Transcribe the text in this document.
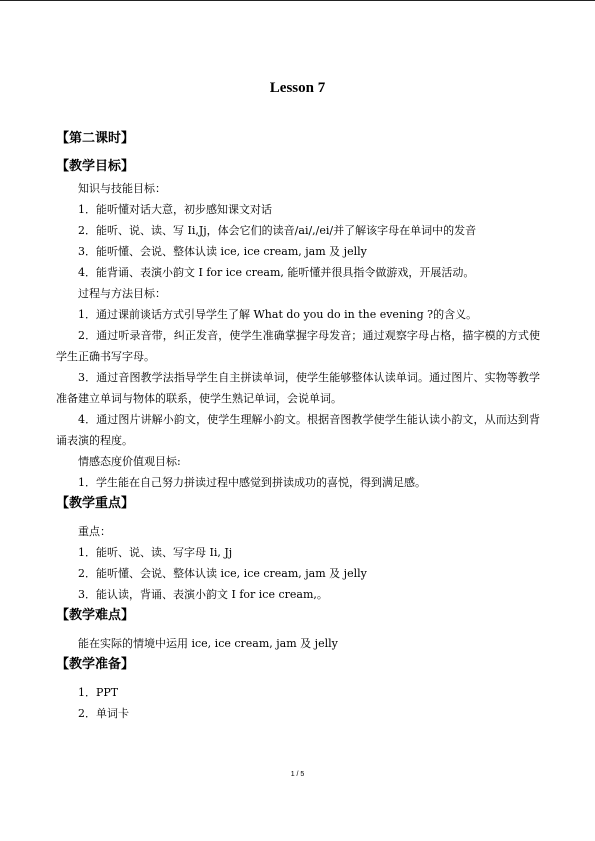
Lesson 7
【第二课时】
【教学目标】
知识与技能目标：
1．能听懂对话大意，初步感知课文对话
2．能听、说、读、写 Ii,Jj，体会它们的读音/ai/,/ei/并了解该字母在单词中的发音
3．能听懂、会说、整体认读 ice, ice cream, jam 及 jelly
4．能背诵、表演小韵文 I for ice cream, 能听懂并很具指令做游戏，开展活动。
过程与方法目标：
1．通过课前谈话方式引导学生了解 What do you do in the evening ?的含义。
2．通过听录音带，纠正发音，使学生准确掌握字母发音；通过观察字母占格，描字模的方式使学生正确书写字母。
3．通过音图教学法指导学生自主拼读单词，使学生能够整体认读单词。通过图片、实物等教学准备建立单词与物体的联系，使学生熟记单词，会说单词。
4．通过图片讲解小韵文，使学生理解小韵文。根据音图教学使学生能认读小韵文，从而达到背诵表演的程度。
情感态度价值观目标:
1．学生能在自己努力拼读过程中感觉到拼读成功的喜悦，得到满足感。
【教学重点】
重点：
1．能听、说、读、写字母 Ii, Jj
2．能听懂、会说、整体认读 ice, ice cream, jam 及 jelly
3．能认读，背诵、表演小韵文 I for ice cream,。
【教学难点】
能在实际的情境中运用 ice, ice cream, jam 及 jelly
【教学准备】
1．PPT
2．单词卡
1 / 5
